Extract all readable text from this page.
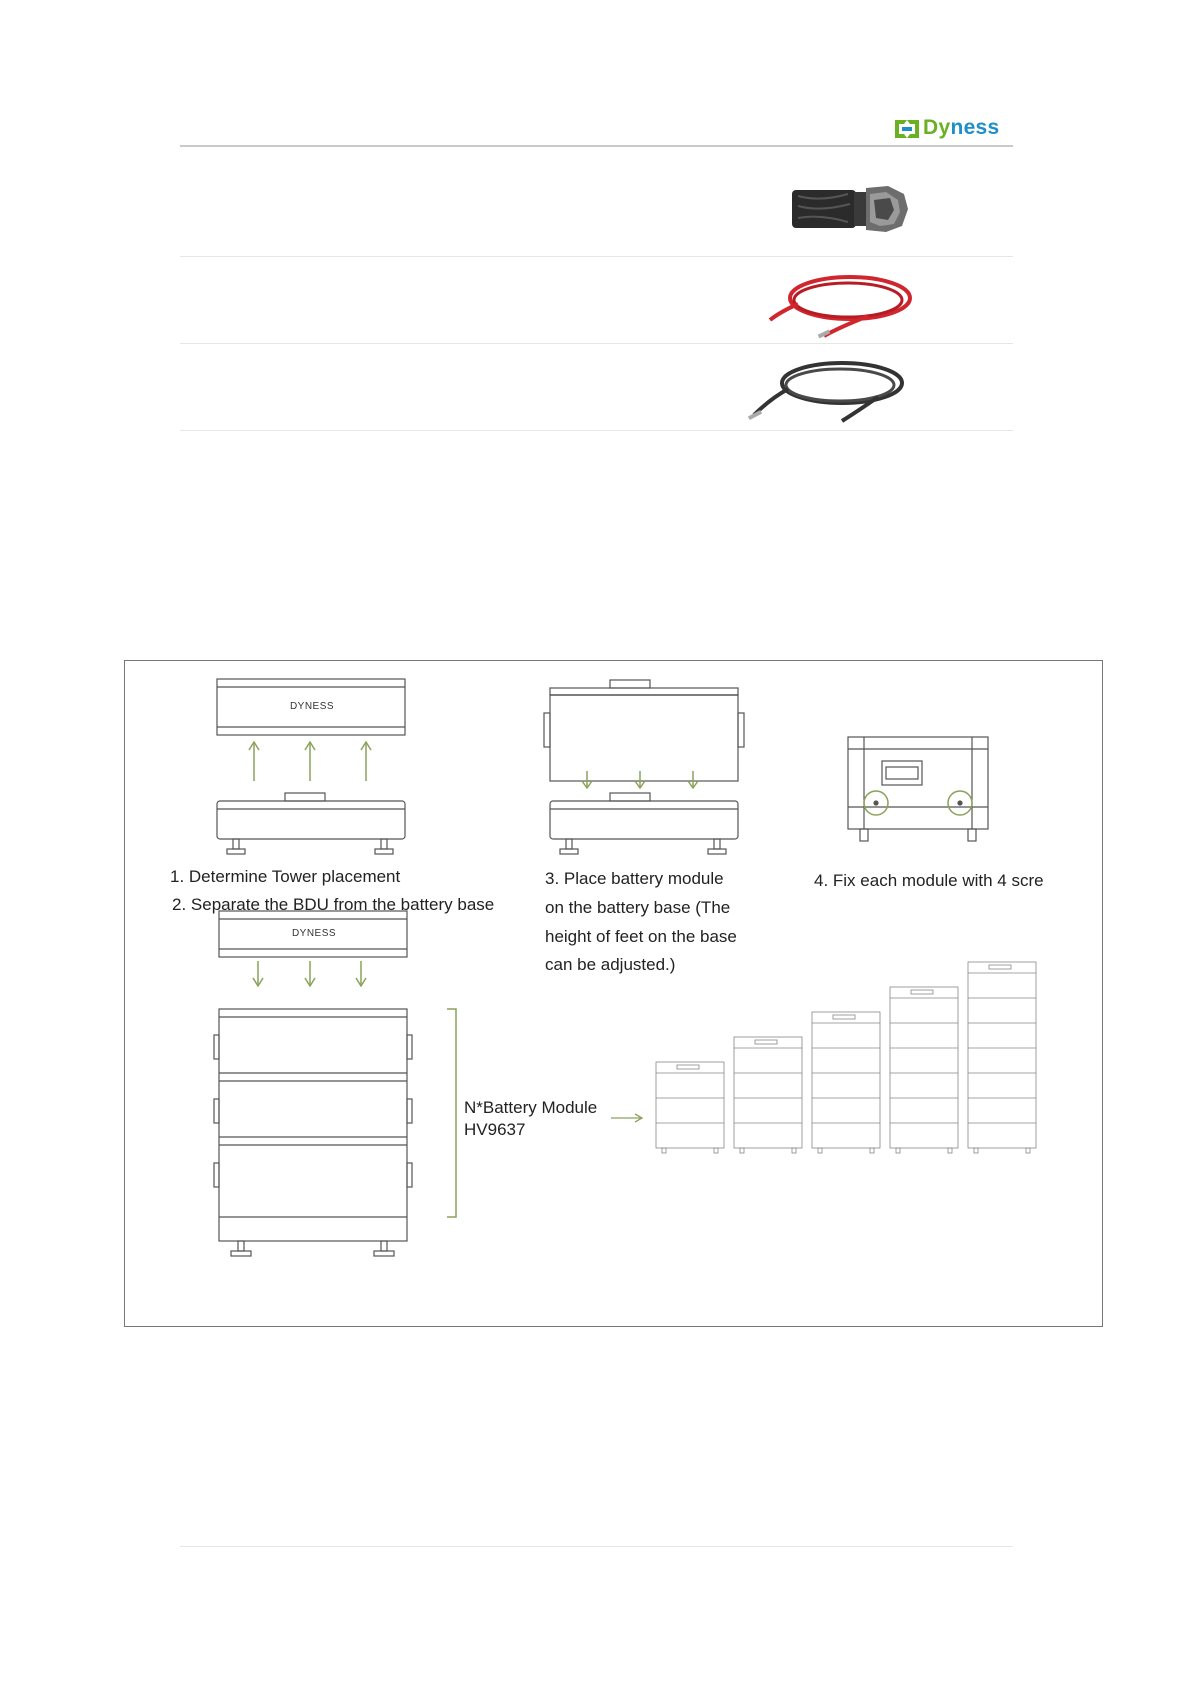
Dyness
DYNESS
DYNESS
1. Determine Tower placement
2. Separate the BDU from the battery base
3. Place battery module
on the battery base (The
height of feet on the base
can be adjusted.)
4. Fix each module with 4 scre
N*Battery Module
HV9637
